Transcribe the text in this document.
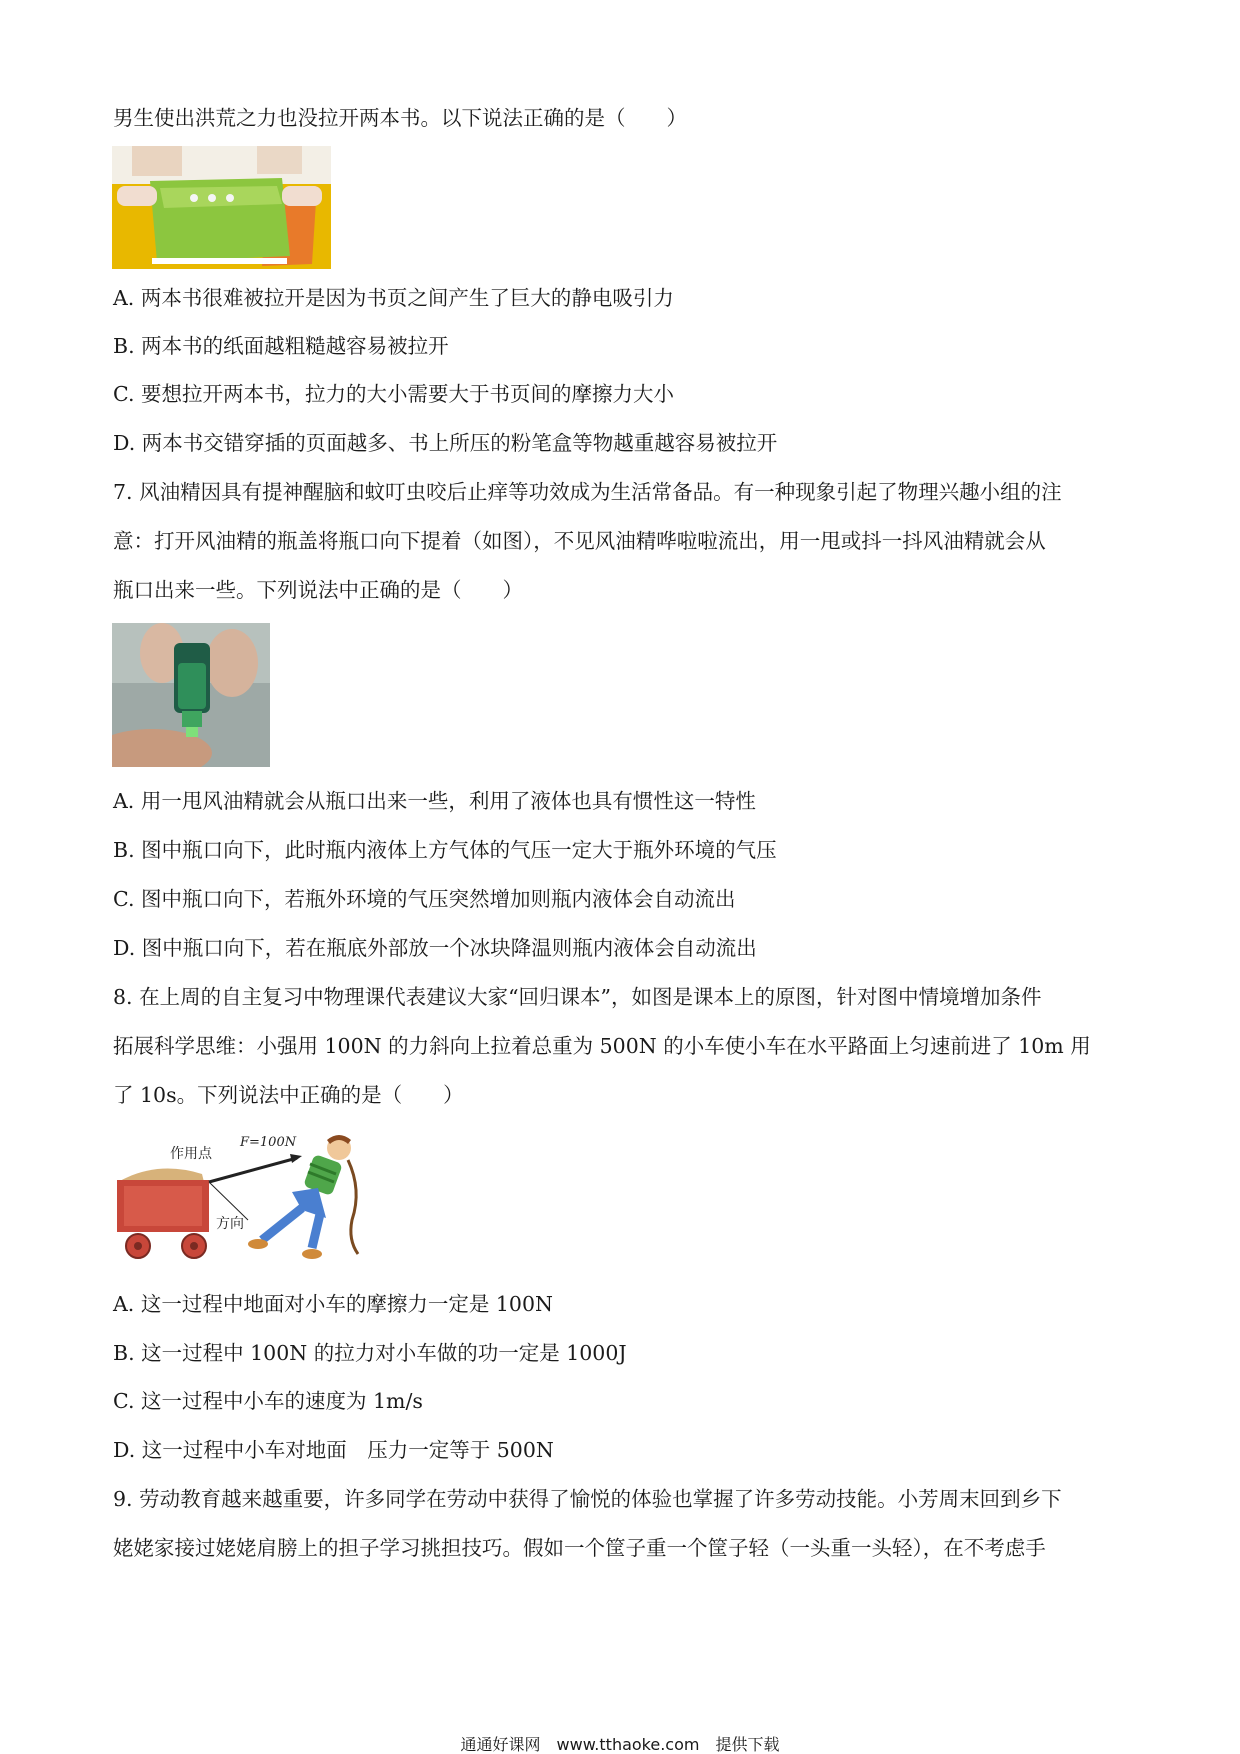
男生使出洪荒之力也没拉开两本书。以下说法正确的是（　　）
A. 两本书很难被拉开是因为书页之间产生了巨大的静电吸引力
B. 两本书的纸面越粗糙越容易被拉开
C. 要想拉开两本书，拉力的大小需要大于书页间的摩擦力大小
D. 两本书交错穿插的页面越多、书上所压的粉笔盒等物越重越容易被拉开
7. 风油精因具有提神醒脑和蚊叮虫咬后止痒等功效成为生活常备品。有一种现象引起了物理兴趣小组的注
意：打开风油精的瓶盖将瓶口向下提着（如图），不见风油精哗啦啦流出，用一甩或抖一抖风油精就会从
瓶口出来一些。下列说法中正确的是（　　）
A. 用一甩风油精就会从瓶口出来一些，利用了液体也具有惯性这一特性
B. 图中瓶口向下，此时瓶内液体上方气体的气压一定大于瓶外环境的气压
C. 图中瓶口向下，若瓶外环境的气压突然增加则瓶内液体会自动流出
D. 图中瓶口向下，若在瓶底外部放一个冰块降温则瓶内液体会自动流出
8. 在上周的自主复习中物理课代表建议大家“回归课本”，如图是课本上的原图，针对图中情境增加条件
拓展科学思维：小强用 100N 的力斜向上拉着总重为 500N 的小车使小车在水平路面上匀速前进了 10m 用
了 10s。下列说法中正确的是（　　）
作用点
F=100N
方向
A. 这一过程中地面对小车的摩擦力一定是 100N
B. 这一过程中 100N 的拉力对小车做的功一定是 1000J
C. 这一过程中小车的速度为 1m/s
D. 这一过程中小车对地面　压力一定等于 500N
9. 劳动教育越来越重要，许多同学在劳动中获得了愉悦的体验也掌握了许多劳动技能。小芳周末回到乡下
姥姥家接过姥姥肩膀上的担子学习挑担技巧。假如一个筐子重一个筐子轻（一头重一头轻），在不考虑手
通通好课网　www.tthaoke.com　提供下载
